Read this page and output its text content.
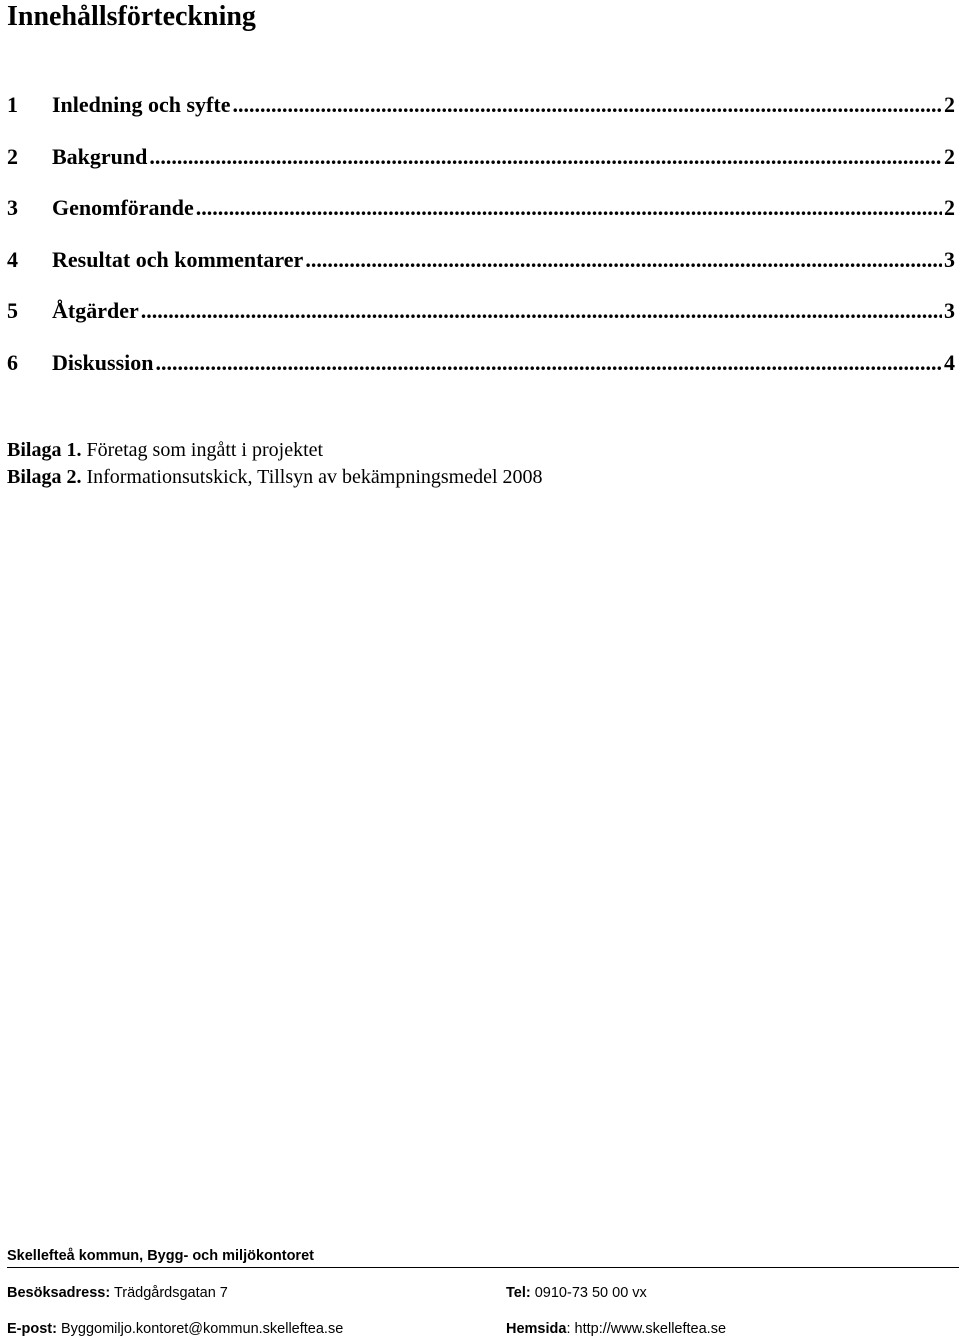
Innehållsförteckning
1	Inledning och syfte .....	2
2	Bakgrund .....	2
3	Genomförande .....	2
4	Resultat och kommentarer .....	3
5	Åtgärder .....	3
6	Diskussion .....	4
Bilaga 1. Företag som ingått i projektet
Bilaga 2. Informationsutskick, Tillsyn av bekämpningsmedel 2008
Skellefteå kommun, Bygg- och miljökontoret
Besöksadress: Trädgårdsgatan 7	Tel: 0910-73 50 00 vx
E-post: Byggomiljo.kontoret@kommun.skelleftea.se	Hemsida: http://www.skelleftea.se
